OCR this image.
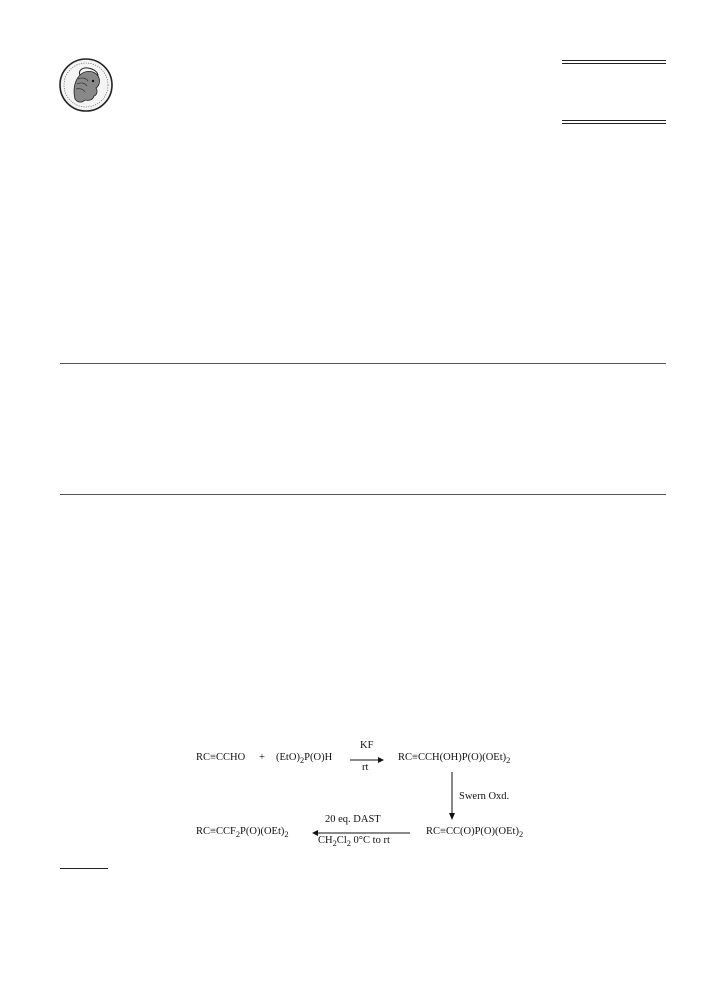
RC≡CCHO + $(EtO)_2P(O)H$
KF
rt
$RC\equiv CCH(OH)P(O)(OEt)_2$
Swern Oxd.
$RC\equiv CC(O)P(O)(OEt)_2$
20 eq. DAST
$CH_2Cl_2$ 0°C to rt
$RC\equiv CCF_2P(O)(OEt)_2$
